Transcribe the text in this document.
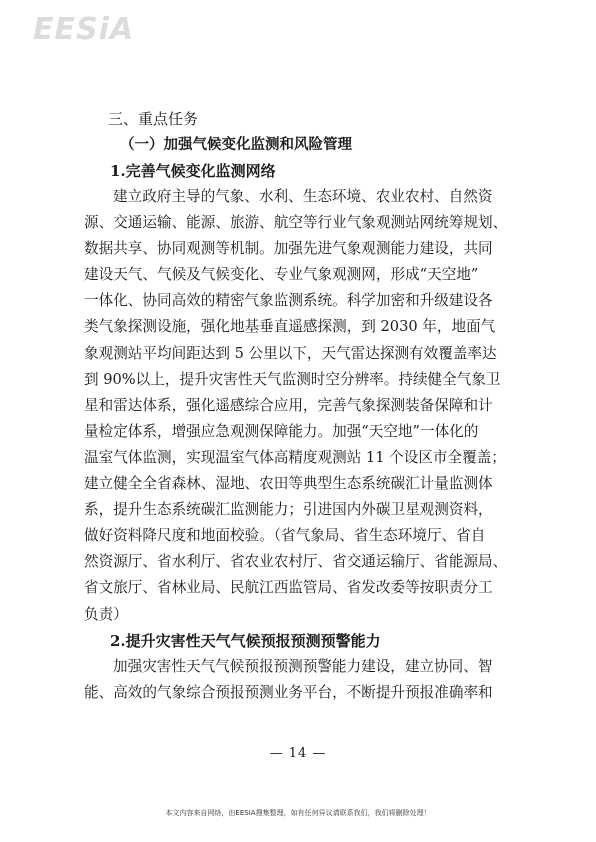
EESiA
三、重点任务
（一）加强气候变化监测和风险管理
1.完善气候变化监测网络

建立政府主导的气象、水利、生态环境、农业农村、自然资
源、交通运输、能源、旅游、航空等行业气象观测站网统筹规划、
数据共享、协同观测等机制。加强先进气象观测能力建设，共同
建设天气、气候及气候变化、专业气象观测网，形成“天空地”
一体化、协同高效的精密气象监测系统。科学加密和升级建设各
类气象探测设施，强化地基垂直遥感探测，到 2030 年，地面气
象观测站平均间距达到 5 公里以下，天气雷达探测有效覆盖率达
到 90%以上，提升灾害性天气监测时空分辨率。持续健全气象卫
星和雷达体系，强化遥感综合应用，完善气象探测装备保障和计
量检定体系，增强应急观测保障能力。加强“天空地”一体化的
温室气体监测，实现温室气体高精度观测站 11 个设区市全覆盖；
建立健全全省森林、湿地、农田等典型生态系统碳汇计量监测体
系，提升生态系统碳汇监测能力；引进国内外碳卫星观测资料，
做好资料降尺度和地面校验。（省气象局、省生态环境厅、省自
然资源厅、省水利厅、省农业农村厅、省交通运输厅、省能源局、
省文旅厅、省林业局、民航江西监管局、省发改委等按职责分工
负责）

2.提升灾害性天气气候预报预测预警能力

加强灾害性天气气候预报预测预警能力建设，建立协同、智
能、高效的气象综合预报预测业务平台，不断提升预报准确率和

— 14 —
本文内容来自网络，由EESIA搜集整理，如有任何异议请联系我们，我们将删除处理！
